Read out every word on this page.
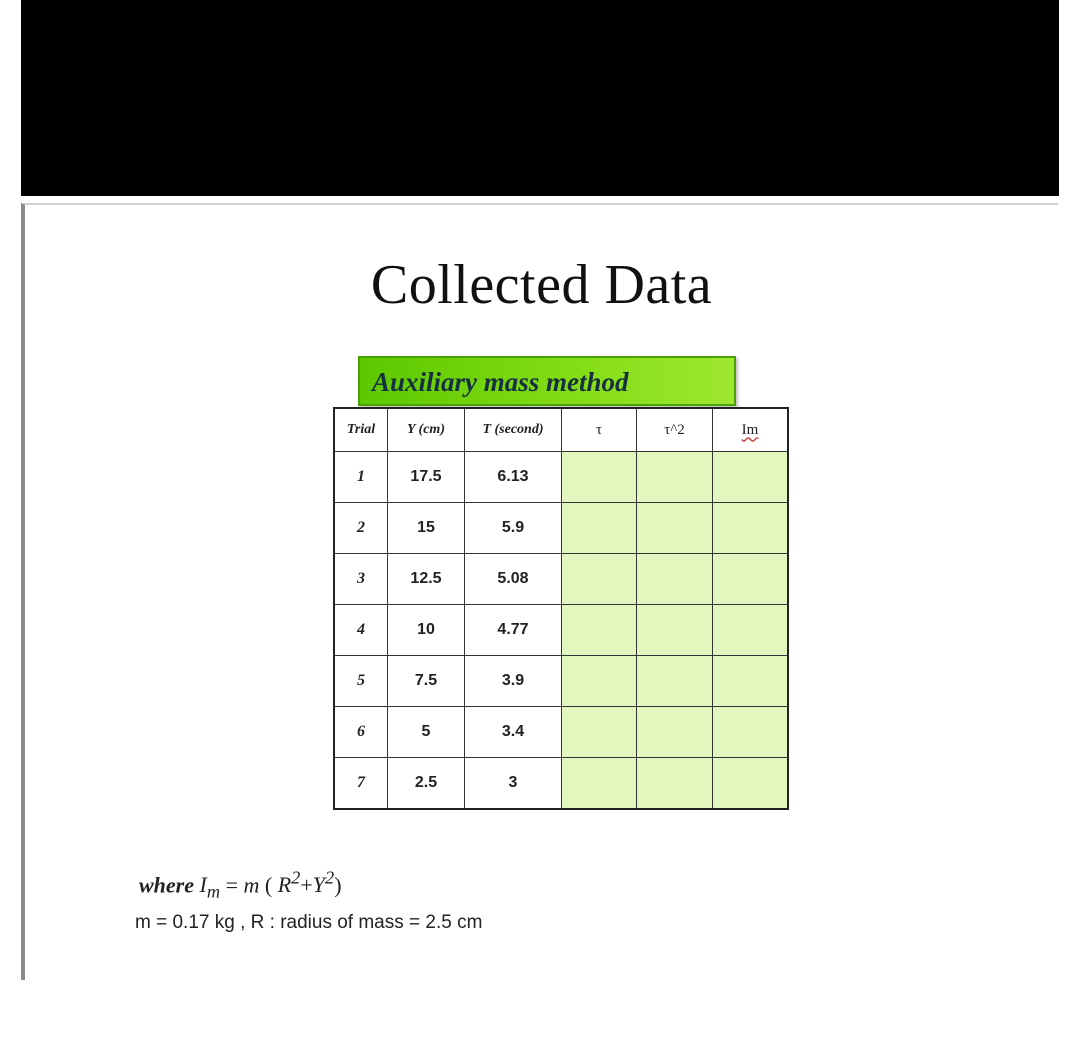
Collected Data
Auxiliary mass method
Trial	Y (cm)	T (second)	τ	τ^2	Im
1	17.5	6.13			
2	15	5.9			
3	12.5	5.08			
4	10	4.77			
5	7.5	3.9			
6	5	3.4			
7	2.5	3			
where $I_m = m$ ( $R^2+Y^2$)
m = 0.17 kg , R : radius of mass = 2.5 cm
